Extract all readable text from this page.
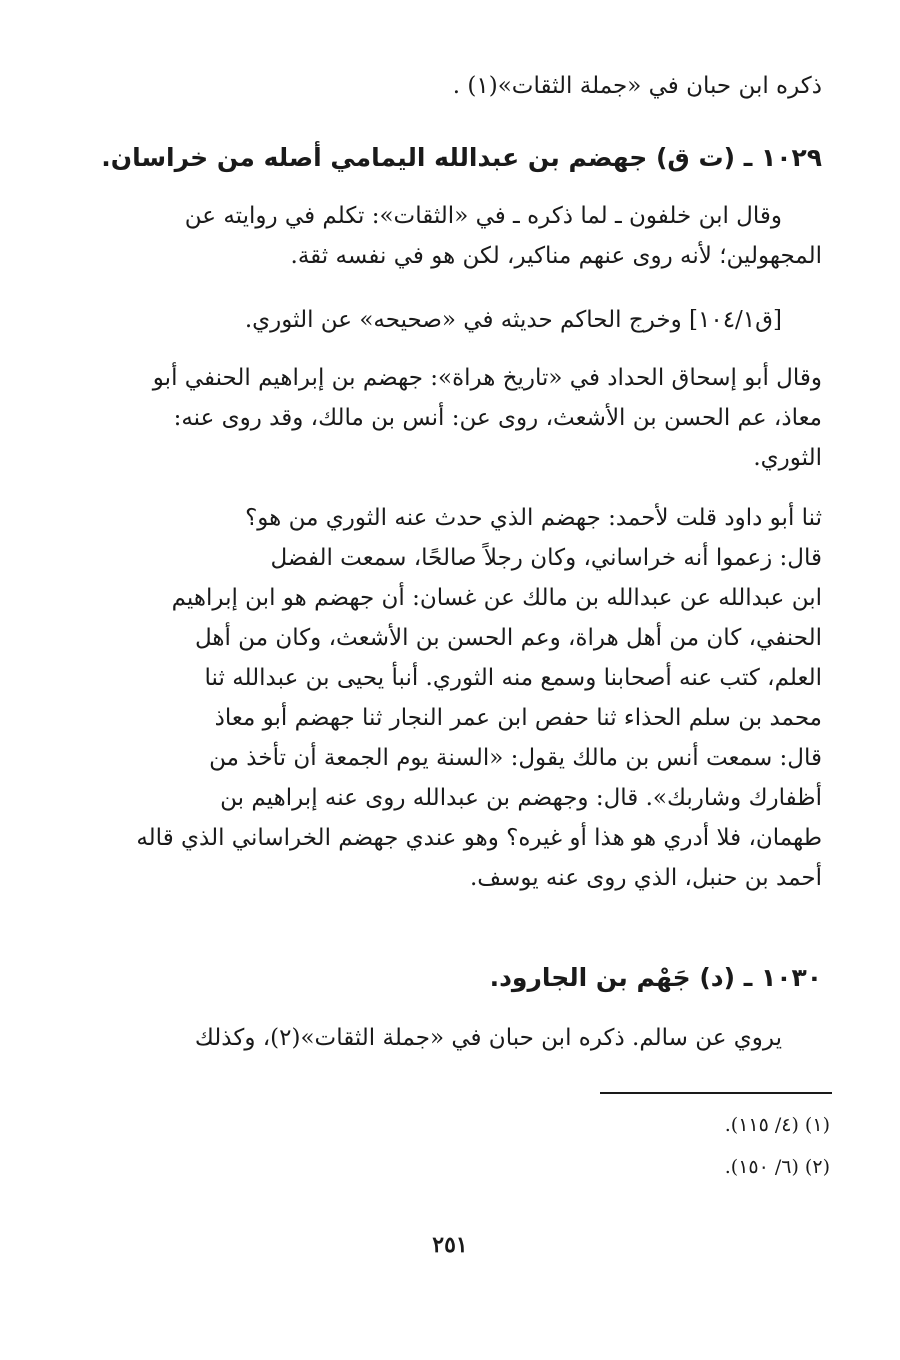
ذكره ابن حبان في «جملة الثقات»(١) .
١٠٢٩ ـ (ت ق) جهضم بن عبدالله اليمامي أصله من خراسان.
وقال ابن خلفون ـ لما ذكره ـ في «الثقات»: تكلم في روايته عن
المجهولين؛ لأنه روى عنهم مناكير، لكن هو في نفسه ثقة.
[ق١٠٤/١] وخرج الحاكم حديثه في «صحيحه» عن الثوري.
وقال أبو إسحاق الحداد في «تاريخ هراة»: جهضم بن إبراهيم الحنفي أبو
معاذ، عم الحسن بن الأشعث، روى عن: أنس بن مالك، وقد روى عنه:
الثوري.
ثنا أبو داود قلت لأحمد: جهضم الذي حدث عنه الثوري من هو؟
قال: زعموا أنه خراساني، وكان رجلاً صالحًا، سمعت الفضل
ابن عبدالله عن عبدالله بن مالك عن غسان: أن جهضم هو ابن إبراهيم
الحنفي، كان من أهل هراة، وعم الحسن بن الأشعث، وكان من أهل
العلم، كتب عنه أصحابنا وسمع منه الثوري. أنبأ يحيى بن عبدالله ثنا
محمد بن سلم الحذاء ثنا حفص ابن عمر النجار ثنا جهضم أبو معاذ
قال: سمعت أنس بن مالك يقول: «السنة يوم الجمعة أن تأخذ من
أظفارك وشاربك». قال: وجهضم بن عبدالله روى عنه إبراهيم بن
طهمان، فلا أدري هو هذا أو غيره؟ وهو عندي جهضم الخراساني الذي قاله
أحمد بن حنبل، الذي روى عنه يوسف.
١٠٣٠ ـ (د) جَهْم بن الجارود.
يروي عن سالم. ذكره ابن حبان في «جملة الثقات»(٢)، وكذلك
(١) (٤/ ١١٥).
(٢) (٦/ ١٥٠).
٢٥١
